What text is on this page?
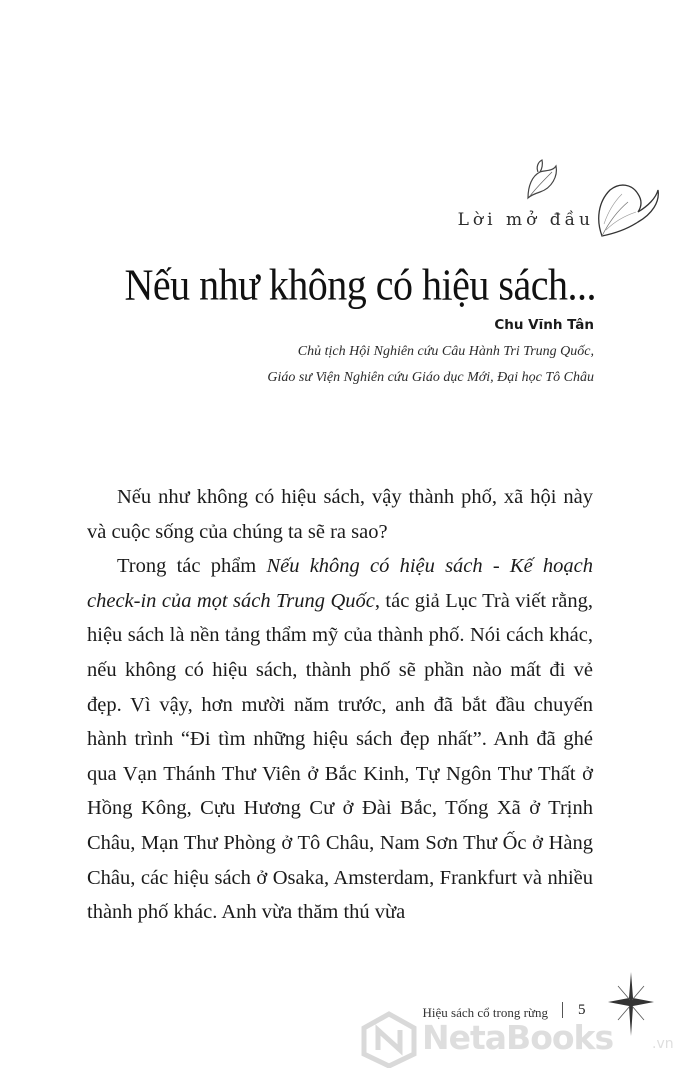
Lời mở đầu
Nếu như không có hiệu sách...
Chu Vĩnh Tân
Chủ tịch Hội Nghiên cứu Câu Hành Tri Trung Quốc,
Giáo sư Viện Nghiên cứu Giáo dục Mới, Đại học Tô Châu

Nếu như không có hiệu sách, vậy thành phố, xã hội này và cuộc sống của chúng ta sẽ ra sao?

Trong tác phẩm Nếu không có hiệu sách - Kế hoạch check-in của mọt sách Trung Quốc, tác giả Lục Trà viết rằng, hiệu sách là nền tảng thẩm mỹ của thành phố. Nói cách khác, nếu không có hiệu sách, thành phố sẽ phần nào mất đi vẻ đẹp. Vì vậy, hơn mười năm trước, anh đã bắt đầu chuyến hành trình “Đi tìm những hiệu sách đẹp nhất”. Anh đã ghé qua Vạn Thánh Thư Viên ở Bắc Kinh, Tự Ngôn Thư Thất ở Hồng Kông, Cựu Hương Cư ở Đài Bắc, Tống Xã ở Trịnh Châu, Mạn Thư Phòng ở Tô Châu, Nam Sơn Thư Ốc ở Hàng Châu, các hiệu sách ở Osaka, Amsterdam, Frankfurt và nhiều thành phố khác. Anh vừa thăm thú vừa

Hiệu sách cổ trong rừng 5
NetaBooks	.vn
